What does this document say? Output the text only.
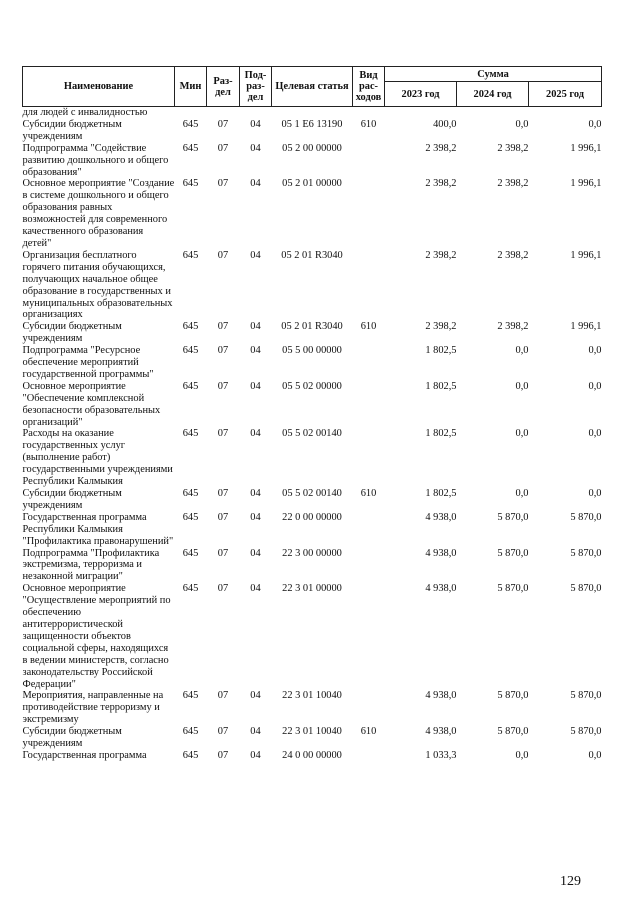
Наименование	Мин	Раз-дел	Под-раз-дел	Целевая статья	Вид рас-ходов	Сумма		
						2023 год	2024 год	2025 год
для людей с инвалидностью								
Субсидии бюджетным учреждениям	645	07	04	05 1 Е6 13190	610	400,0	0,0	0,0
Подпрограмма "Содействие развитию дошкольного и общего образования"	645	07	04	05 2 00 00000		2 398,2	2 398,2	1 996,1
Основное мероприятие "Создание в системе дошкольного и общего образования равных возможностей для современного качественного образования детей"	645	07	04	05 2 01 00000		2 398,2	2 398,2	1 996,1
Организация бесплатного горячего питания обучающихся, получающих начальное общее образование в государственных и муниципальных образовательных организациях	645	07	04	05 2 01 R3040		2 398,2	2 398,2	1 996,1
Субсидии бюджетным учреждениям	645	07	04	05 2 01 R3040	610	2 398,2	2 398,2	1 996,1
Подпрограмма "Ресурсное обеспечение мероприятий государственной программы"	645	07	04	05 5 00 00000		1 802,5	0,0	0,0
Основное мероприятие "Обеспечение комплексной безопасности образовательных организаций"	645	07	04	05 5 02 00000		1 802,5	0,0	0,0
Расходы на оказание государственных услуг (выполнение работ) государственными учреждениями Республики Калмыкия	645	07	04	05 5 02 00140		1 802,5	0,0	0,0
Субсидии бюджетным учреждениям	645	07	04	05 5 02 00140	610	1 802,5	0,0	0,0
Государственная программа Республики Калмыкия "Профилактика правонарушений"	645	07	04	22 0 00 00000		4 938,0	5 870,0	5 870,0
Подпрограмма "Профилактика экстремизма, терроризма и незаконной миграции"	645	07	04	22 3 00 00000		4 938,0	5 870,0	5 870,0
Основное мероприятие "Осуществление мероприятий по обеспечению антитеррористической защищенности объектов социальной сферы, находящихся в ведении министерств, согласно законодательству Российской Федерации"	645	07	04	22 3 01 00000		4 938,0	5 870,0	5 870,0
Мероприятия, направленные на противодействие терроризму и экстремизму	645	07	04	22 3 01 10040		4 938,0	5 870,0	5 870,0
Субсидии бюджетным учреждениям	645	07	04	22 3 01 10040	610	4 938,0	5 870,0	5 870,0
Государственная программа	645	07	04	24 0 00 00000		1 033,3	0,0	0,0
129
